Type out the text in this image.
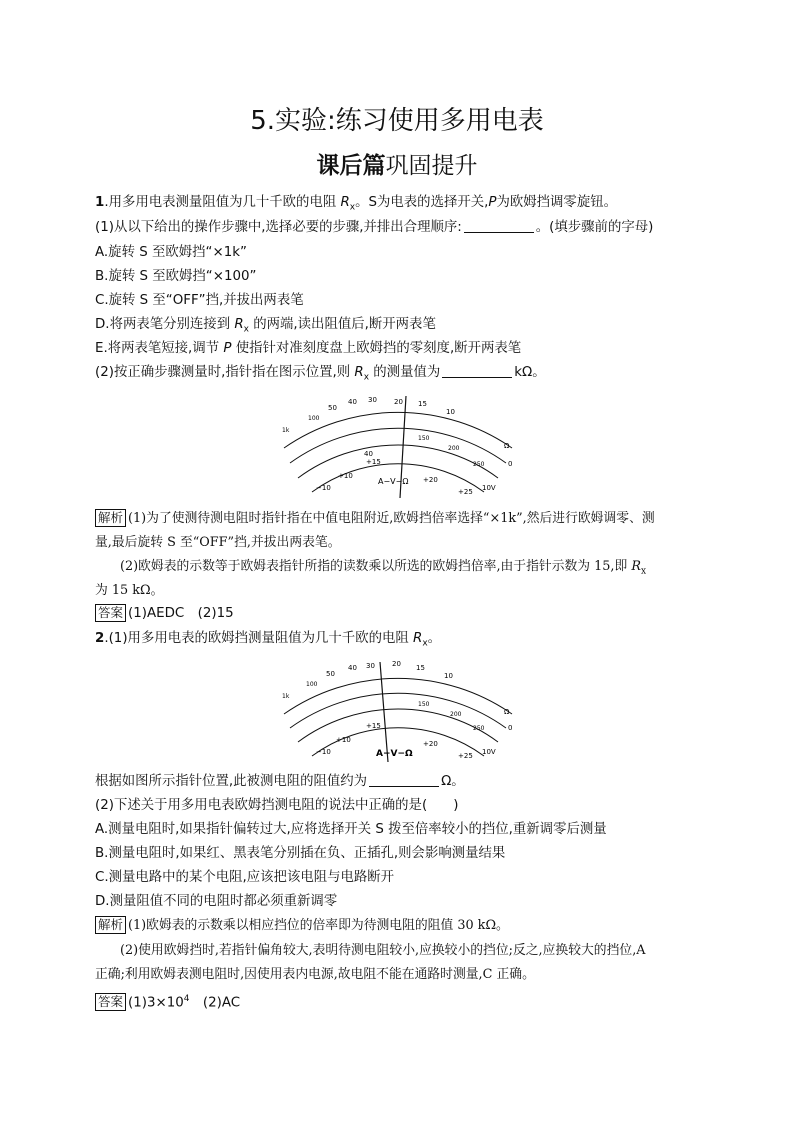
5.实验:练习使用多用电表
课后篇巩固提升
1.用多用电表测量阻值为几十千欧的电阻 $R_x$。S为电表的选择开关,P为欧姆挡调零旋钮。
(1)从以下给出的操作步骤中,选择必要的步骤,并排出合理顺序:	。(填步骤前的字母)
A.旋转 S 至欧姆挡“×1k”
B.旋转 S 至欧姆挡“×100”
C.旋转 S 至“OFF”挡,并拔出两表笔
D.将两表笔分别连接到 $R_x$ 的两端,读出阻值后,断开两表笔
E.将两表笔短接,调节 P 使指针对准刻度盘上欧姆挡的零刻度,断开两表笔
(2)按正确步骤测量时,指针指在图示位置,则 $R_x$ 的测量值为	kΩ。
40
20
30	15
10
40
50
100
1k
Ω
0
150
200
250
+15
+10	+20
+25
−10	10V
A−V−Ω
解析 (1)为了使测待测电阻时指针指在中值电阻附近,欧姆挡倍率选择“×1k”,然后进行欧姆调零、测
量,最后旋转 S 至“OFF”挡,并拔出两表笔。
(2)欧姆表的示数等于欧姆表指针所指的读数乘以所选的欧姆挡倍率,由于指针示数为 15,即 $R_x$
为 15 kΩ。
答案 (1)AEDC　(2)15
2.(1)用多用电表的欧姆挡测量阻值为几十千欧的电阻 $R_x$。
30 20 15
10
40
50
100
1k
Ω
0
150
200
250
+15
+10	+20
+25
−10	10V
A−V−Ω
根据如图所示指针位置,此被测电阻的阻值约为	Ω。
(2)下述关于用多用电表欧姆挡测电阻的说法中正确的是( )
A.测量电阻时,如果指针偏转过大,应将选择开关 S 拨至倍率较小的挡位,重新调零后测量
B.测量电阻时,如果红、黑表笔分别插在负、正插孔,则会影响测量结果
C.测量电路中的某个电阻,应该把该电阻与电路断开
D.测量阻值不同的电阻时都必须重新调零
解析 (1)欧姆表的示数乘以相应挡位的倍率即为待测电阻的阻值 30 kΩ。
(2)使用欧姆挡时,若指针偏角较大,表明待测电阻较小,应换较小的挡位;反之,应换较大的挡位,A
正确;利用欧姆表测电阻时,因使用表内电源,故电阻不能在通路时测量,C 正确。
答案 $(1)3\times 10^4$　(2)AC
